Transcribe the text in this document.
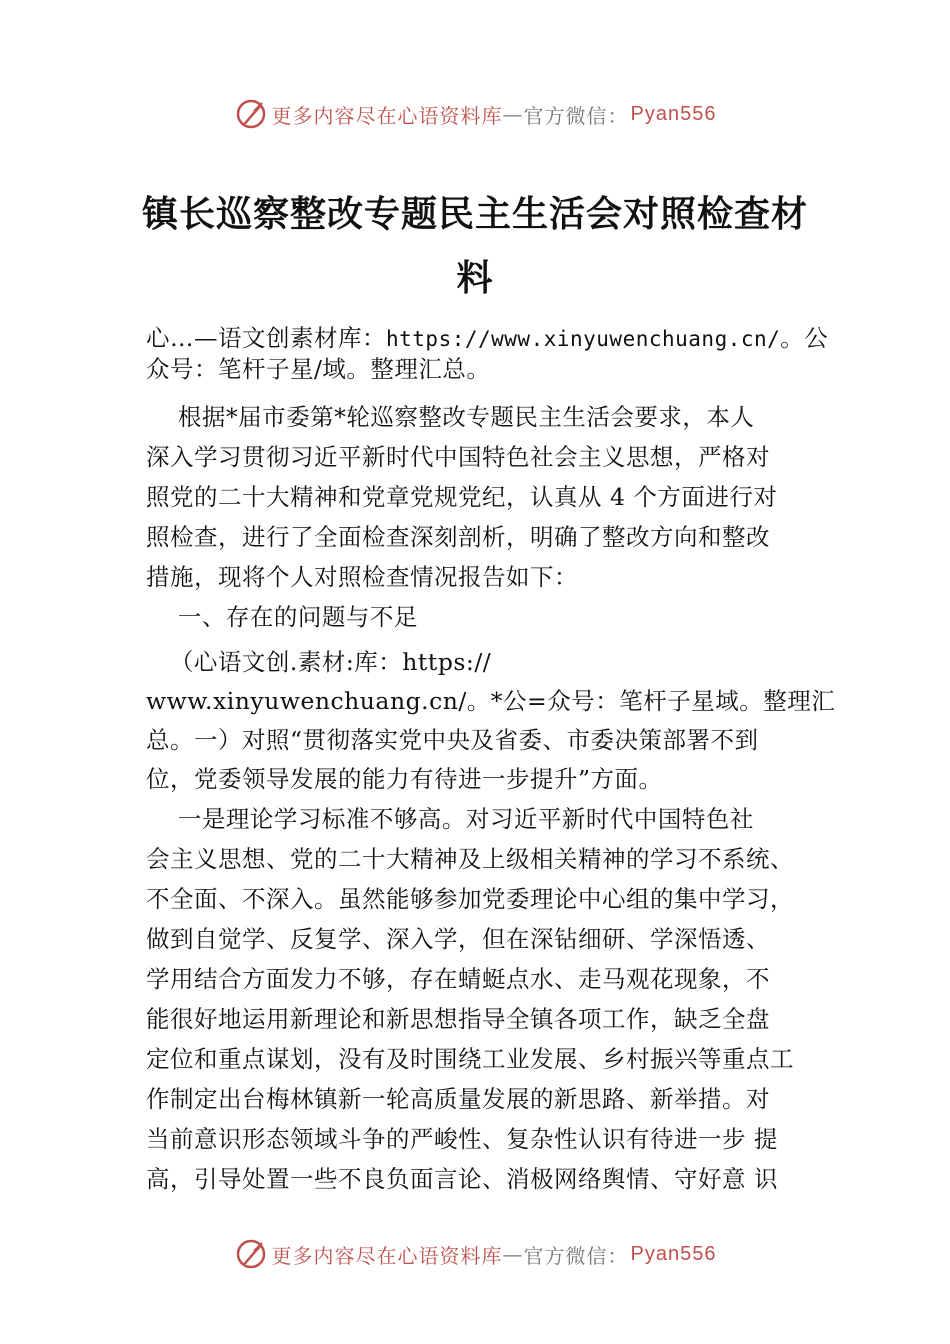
更多内容尽在心语资料库 — 官方微信： Pyan556
镇长巡察整改专题民主生活会对照检查材
料
心…—语文创素材库：https://www.xinyuwenchuang.cn/。公
众号：笔杆子星/域。整理汇总。
根据*届市委第*轮巡察整改专题民主生活会要求，本人
深入学习贯彻习近平新时代中国特色社会主义思想，严格对
照党的二十大精神和党章党规党纪，认真从 4 个方面进行对
照检查，进行了全面检查深刻剖析，明确了整改方向和整改
措施，现将个人对照检查情况报告如下：
一、存在的问题与不足
（心语文创.素材:库：https://
www.xinyuwenchuang.cn/。*公=众号：笔杆子星域。整理汇
总。一）对照“贯彻落实党中央及省委、市委决策部署不到
位，党委领导发展的能力有待进一步提升”方面。
一是理论学习标准不够高。对习近平新时代中国特色社
会主义思想、党的二十大精神及上级相关精神的学习不系统、
不全面、不深入。虽然能够参加党委理论中心组的集中学习，
做到自觉学、反复学、深入学，但在深钻细研、学深悟透、
学用结合方面发力不够，存在蜻蜓点水、走马观花现象，不
能很好地运用新理论和新思想指导全镇各项工作，缺乏全盘
定位和重点谋划，没有及时围绕工业发展、乡村振兴等重点工
作制定出台梅林镇新一轮高质量发展的新思路、新举措。对
当前意识形态领域斗争的严峻性、复杂性认识有待进一步 提
高，引导处置一些不良负面言论、消极网络舆情、守好意 识
更多内容尽在心语资料库 — 官方微信： Pyan556
